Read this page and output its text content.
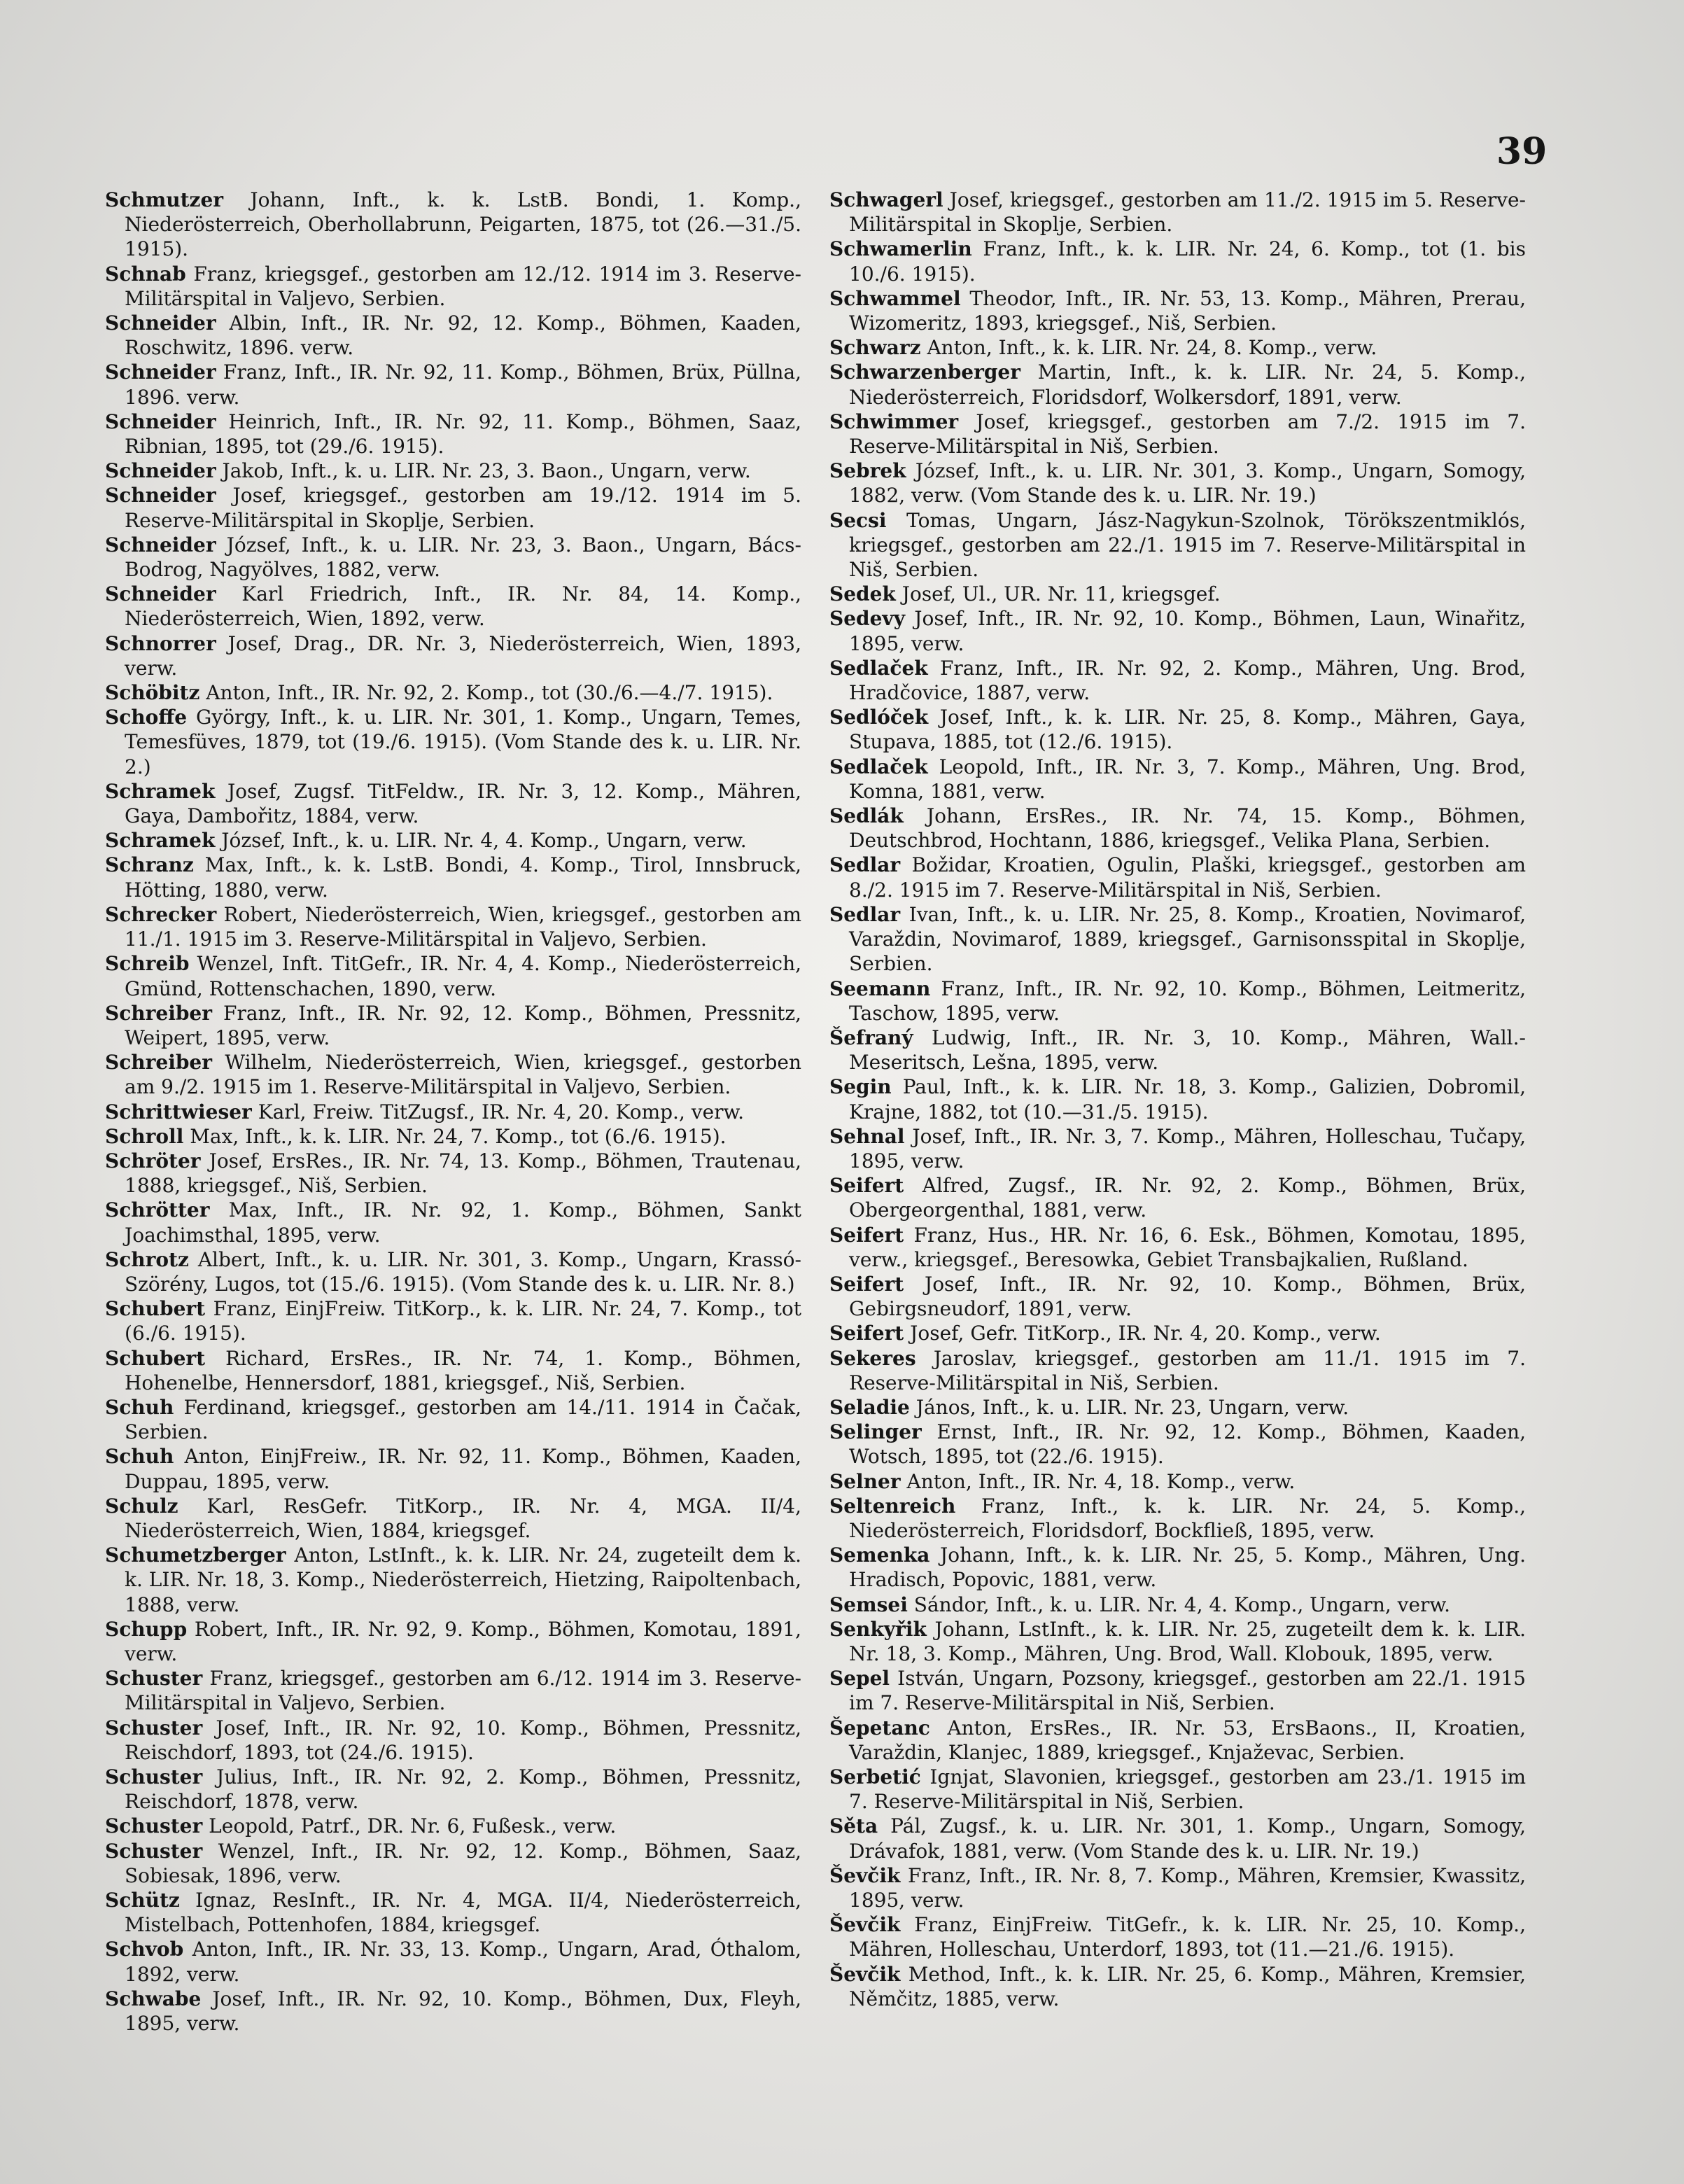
39

Schmutzer Johann, Inft., k. k. LstB. Bondi, 1. Komp., Niederösterreich, Oberhollabrunn, Peigarten, 1875, tot (26.—31./5. 1915).

Schnab Franz, kriegsgef., gestorben am 12./12. 1914 im 3. Reserve-Militärspital in Valjevo, Serbien.

Schneider Albin, Inft., IR. Nr. 92, 12. Komp., Böhmen, Kaaden, Roschwitz, 1896. verw.

Schneider Franz, Inft., IR. Nr. 92, 11. Komp., Böhmen, Brüx, Püllna, 1896. verw.

Schneider Heinrich, Inft., IR. Nr. 92, 11. Komp., Böhmen, Saaz, Ribnian, 1895, tot (29./6. 1915).

Schneider Jakob, Inft., k. u. LIR. Nr. 23, 3. Baon., Ungarn, verw.

Schneider Josef, kriegsgef., gestorben am 19./12. 1914 im 5. Reserve-Militärspital in Skoplje, Serbien.

Schneider József, Inft., k. u. LIR. Nr. 23, 3. Baon., Ungarn, Bács-Bodrog, Nagyölves, 1882, verw.

Schneider Karl Friedrich, Inft., IR. Nr. 84, 14. Komp., Niederösterreich, Wien, 1892, verw.

Schnorrer Josef, Drag., DR. Nr. 3, Niederösterreich, Wien, 1893, verw.

Schöbitz Anton, Inft., IR. Nr. 92, 2. Komp., tot (30./6.—4./7. 1915).

Schoffe György, Inft., k. u. LIR. Nr. 301, 1. Komp., Ungarn, Temes, Temesfüves, 1879, tot (19./6. 1915). (Vom Stande des k. u. LIR. Nr. 2.)

Schramek Josef, Zugsf. TitFeldw., IR. Nr. 3, 12. Komp., Mähren, Gaya, Dambořitz, 1884, verw.

Schramek József, Inft., k. u. LIR. Nr. 4, 4. Komp., Ungarn, verw.

Schranz Max, Inft., k. k. LstB. Bondi, 4. Komp., Tirol, Innsbruck, Hötting, 1880, verw.

Schrecker Robert, Niederösterreich, Wien, kriegsgef., gestorben am 11./1. 1915 im 3. Reserve-Militärspital in Valjevo, Serbien.

Schreib Wenzel, Inft. TitGefr., IR. Nr. 4, 4. Komp., Niederösterreich, Gmünd, Rottenschachen, 1890, verw.

Schreiber Franz, Inft., IR. Nr. 92, 12. Komp., Böhmen, Pressnitz, Weipert, 1895, verw.

Schreiber Wilhelm, Niederösterreich, Wien, kriegsgef., gestorben am 9./2. 1915 im 1. Reserve-Militärspital in Valjevo, Serbien.

Schrittwieser Karl, Freiw. TitZugsf., IR. Nr. 4, 20. Komp., verw.

Schroll Max, Inft., k. k. LIR. Nr. 24, 7. Komp., tot (6./6. 1915).

Schröter Josef, ErsRes., IR. Nr. 74, 13. Komp., Böhmen, Trautenau, 1888, kriegsgef., Niš, Serbien.

Schrötter Max, Inft., IR. Nr. 92, 1. Komp., Böhmen, Sankt Joachimsthal, 1895, verw.

Schrotz Albert, Inft., k. u. LIR. Nr. 301, 3. Komp., Ungarn, Krassó-Szörény, Lugos, tot (15./6. 1915). (Vom Stande des k. u. LIR. Nr. 8.)

Schubert Franz, EinjFreiw. TitKorp., k. k. LIR. Nr. 24, 7. Komp., tot (6./6. 1915).

Schubert Richard, ErsRes., IR. Nr. 74, 1. Komp., Böhmen, Hohenelbe, Hennersdorf, 1881, kriegsgef., Niš, Serbien.

Schuh Ferdinand, kriegsgef., gestorben am 14./11. 1914 in Čačak, Serbien.

Schuh Anton, EinjFreiw., IR. Nr. 92, 11. Komp., Böhmen, Kaaden, Duppau, 1895, verw.

Schulz Karl, ResGefr. TitKorp., IR. Nr. 4, MGA. II/4, Niederösterreich, Wien, 1884, kriegsgef.

Schumetzberger Anton, LstInft., k. k. LIR. Nr. 24, zugeteilt dem k. k. LIR. Nr. 18, 3. Komp., Niederösterreich, Hietzing, Raipoltenbach, 1888, verw.

Schupp Robert, Inft., IR. Nr. 92, 9. Komp., Böhmen, Komotau, 1891, verw.

Schuster Franz, kriegsgef., gestorben am 6./12. 1914 im 3. Reserve-Militärspital in Valjevo, Serbien.

Schuster Josef, Inft., IR. Nr. 92, 10. Komp., Böhmen, Pressnitz, Reischdorf, 1893, tot (24./6. 1915).

Schuster Julius, Inft., IR. Nr. 92, 2. Komp., Böhmen, Pressnitz, Reischdorf, 1878, verw.

Schuster Leopold, Patrf., DR. Nr. 6, Fußesk., verw.

Schuster Wenzel, Inft., IR. Nr. 92, 12. Komp., Böhmen, Saaz, Sobiesak, 1896, verw.

Schütz Ignaz, ResInft., IR. Nr. 4, MGA. II/4, Niederösterreich, Mistelbach, Pottenhofen, 1884, kriegsgef.

Schvob Anton, Inft., IR. Nr. 33, 13. Komp., Ungarn, Arad, Óthalom, 1892, verw.

Schwabe Josef, Inft., IR. Nr. 92, 10. Komp., Böhmen, Dux, Fleyh, 1895, verw.

Schwagerl Josef, kriegsgef., gestorben am 11./2. 1915 im 5. Reserve-Militärspital in Skoplje, Serbien.

Schwamerlin Franz, Inft., k. k. LIR. Nr. 24, 6. Komp., tot (1. bis 10./6. 1915).

Schwammel Theodor, Inft., IR. Nr. 53, 13. Komp., Mähren, Prerau, Wizomeritz, 1893, kriegsgef., Niš, Serbien.

Schwarz Anton, Inft., k. k. LIR. Nr. 24, 8. Komp., verw.

Schwarzenberger Martin, Inft., k. k. LIR. Nr. 24, 5. Komp., Niederösterreich, Floridsdorf, Wolkersdorf, 1891, verw.

Schwimmer Josef, kriegsgef., gestorben am 7./2. 1915 im 7. Reserve-Militärspital in Niš, Serbien.

Sebrek József, Inft., k. u. LIR. Nr. 301, 3. Komp., Ungarn, Somogy, 1882, verw. (Vom Stande des k. u. LIR. Nr. 19.)

Secsi Tomas, Ungarn, Jász-Nagykun-Szolnok, Törökszentmiklós, kriegsgef., gestorben am 22./1. 1915 im 7. Reserve-Militärspital in Niš, Serbien.

Sedek Josef, Ul., UR. Nr. 11, kriegsgef.

Sedevy Josef, Inft., IR. Nr. 92, 10. Komp., Böhmen, Laun, Winařitz, 1895, verw.

Sedlaček Franz, Inft., IR. Nr. 92, 2. Komp., Mähren, Ung. Brod, Hradčovice, 1887, verw.

Sedlóček Josef, Inft., k. k. LIR. Nr. 25, 8. Komp., Mähren, Gaya, Stupava, 1885, tot (12./6. 1915).

Sedlaček Leopold, Inft., IR. Nr. 3, 7. Komp., Mähren, Ung. Brod, Komna, 1881, verw.

Sedlák Johann, ErsRes., IR. Nr. 74, 15. Komp., Böhmen, Deutschbrod, Hochtann, 1886, kriegsgef., Velika Plana, Serbien.

Sedlar Božidar, Kroatien, Ogulin, Plaški, kriegsgef., gestorben am 8./2. 1915 im 7. Reserve-Militärspital in Niš, Serbien.

Sedlar Ivan, Inft., k. u. LIR. Nr. 25, 8. Komp., Kroatien, Novimarof, Varaždin, Novimarof, 1889, kriegsgef., Garnisonsspital in Skoplje, Serbien.

Seemann Franz, Inft., IR. Nr. 92, 10. Komp., Böhmen, Leitmeritz, Taschow, 1895, verw.

Šefraný Ludwig, Inft., IR. Nr. 3, 10. Komp., Mähren, Wall.-Meseritsch, Lešna, 1895, verw.

Segin Paul, Inft., k. k. LIR. Nr. 18, 3. Komp., Galizien, Dobromil, Krajne, 1882, tot (10.—31./5. 1915).

Sehnal Josef, Inft., IR. Nr. 3, 7. Komp., Mähren, Holleschau, Tučapy, 1895, verw.

Seifert Alfred, Zugsf., IR. Nr. 92, 2. Komp., Böhmen, Brüx, Obergeorgenthal, 1881, verw.

Seifert Franz, Hus., HR. Nr. 16, 6. Esk., Böhmen, Komotau, 1895, verw., kriegsgef., Beresowka, Gebiet Transbajkalien, Rußland.

Seifert Josef, Inft., IR. Nr. 92, 10. Komp., Böhmen, Brüx, Gebirgsneudorf, 1891, verw.

Seifert Josef, Gefr. TitKorp., IR. Nr. 4, 20. Komp., verw.

Sekeres Jaroslav, kriegsgef., gestorben am 11./1. 1915 im 7. Reserve-Militärspital in Niš, Serbien.

Seladie János, Inft., k. u. LIR. Nr. 23, Ungarn, verw.

Selinger Ernst, Inft., IR. Nr. 92, 12. Komp., Böhmen, Kaaden, Wotsch, 1895, tot (22./6. 1915).

Selner Anton, Inft., IR. Nr. 4, 18. Komp., verw.

Seltenreich Franz, Inft., k. k. LIR. Nr. 24, 5. Komp., Niederösterreich, Floridsdorf, Bockfließ, 1895, verw.

Semenka Johann, Inft., k. k. LIR. Nr. 25, 5. Komp., Mähren, Ung. Hradisch, Popovic, 1881, verw.

Semsei Sándor, Inft., k. u. LIR. Nr. 4, 4. Komp., Ungarn, verw.

Senkyřik Johann, LstInft., k. k. LIR. Nr. 25, zugeteilt dem k. k. LIR. Nr. 18, 3. Komp., Mähren, Ung. Brod, Wall. Klobouk, 1895, verw.

Sepel István, Ungarn, Pozsony, kriegsgef., gestorben am 22./1. 1915 im 7. Reserve-Militärspital in Niš, Serbien.

Šepetanc Anton, ErsRes., IR. Nr. 53, ErsBaons., II, Kroatien, Varaždin, Klanjec, 1889, kriegsgef., Knjaževac, Serbien.

Serbetić Ignjat, Slavonien, kriegsgef., gestorben am 23./1. 1915 im 7. Reserve-Militärspital in Niš, Serbien.

Sěta Pál, Zugsf., k. u. LIR. Nr. 301, 1. Komp., Ungarn, Somogy, Drávafok, 1881, verw. (Vom Stande des k. u. LIR. Nr. 19.)

Ševčik Franz, Inft., IR. Nr. 8, 7. Komp., Mähren, Kremsier, Kwassitz, 1895, verw.

Ševčik Franz, EinjFreiw. TitGefr., k. k. LIR. Nr. 25, 10. Komp., Mähren, Holleschau, Unterdorf, 1893, tot (11.—21./6. 1915).

Ševčik Method, Inft., k. k. LIR. Nr. 25, 6. Komp., Mähren, Kremsier, Němčitz, 1885, verw.
